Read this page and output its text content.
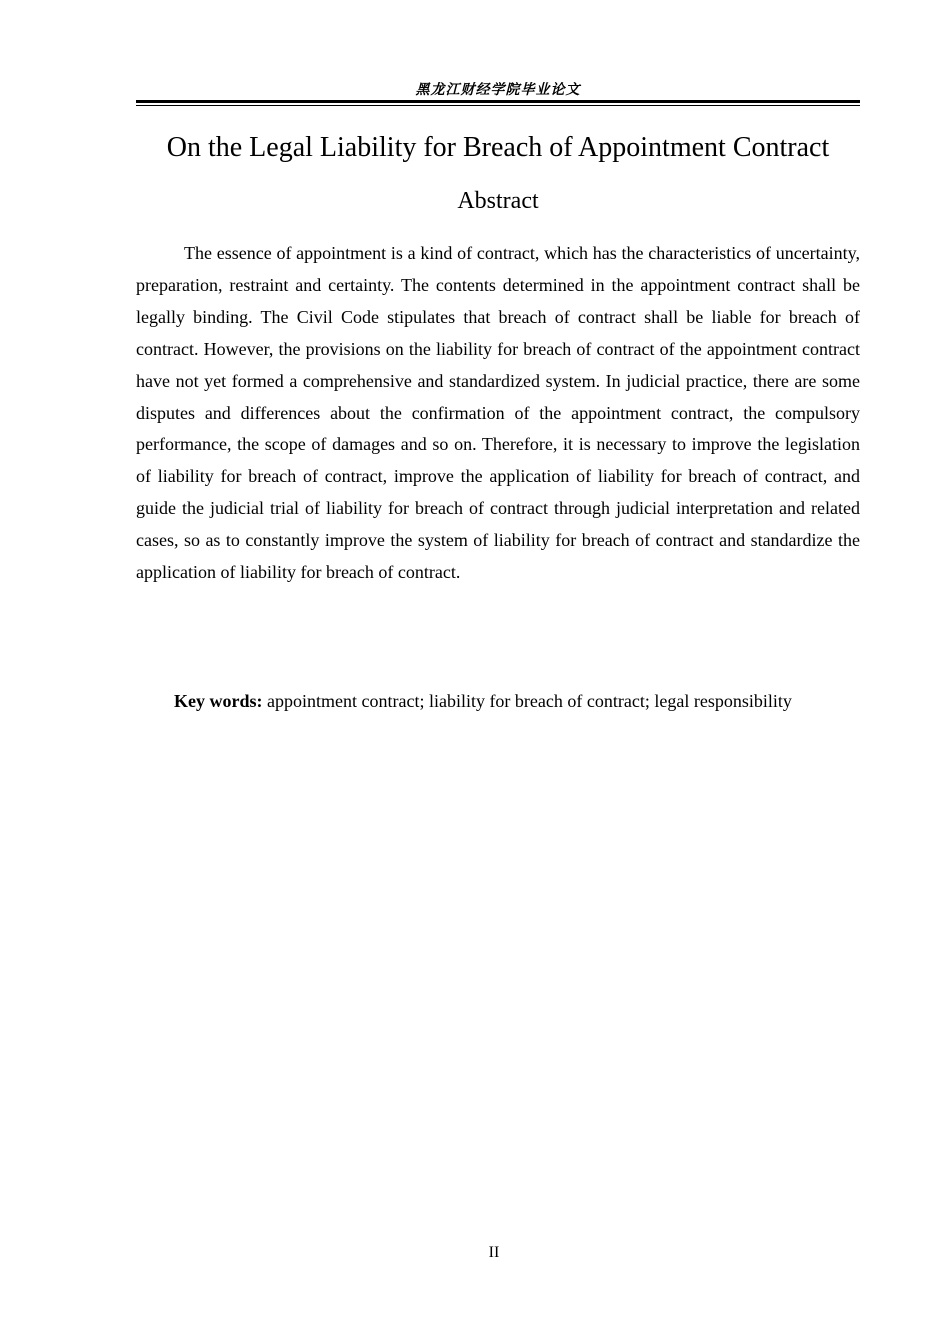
黑龙江财经学院毕业论文
On the Legal Liability for Breach of Appointment Contract
Abstract

The essence of appointment is a kind of contract, which has the characteristics of uncertainty, preparation, restraint and certainty. The contents determined in the appointment contract shall be legally binding. The Civil Code stipulates that breach of contract shall be liable for breach of contract. However, the provisions on the liability for breach of contract of the appointment contract have not yet formed a comprehensive and standardized system. In judicial practice, there are some disputes and differences about the confirmation of the appointment contract, the compulsory performance, the scope of damages and so on. Therefore, it is necessary to improve the legislation of liability for breach of contract, improve the application of liability for breach of contract, and guide the judicial trial of liability for breach of contract through judicial interpretation and related cases, so as to constantly improve the system of liability for breach of contract and standardize the application of liability for breach of contract.

Key words: appointment contract; liability for breach of contract; legal responsibility
II
